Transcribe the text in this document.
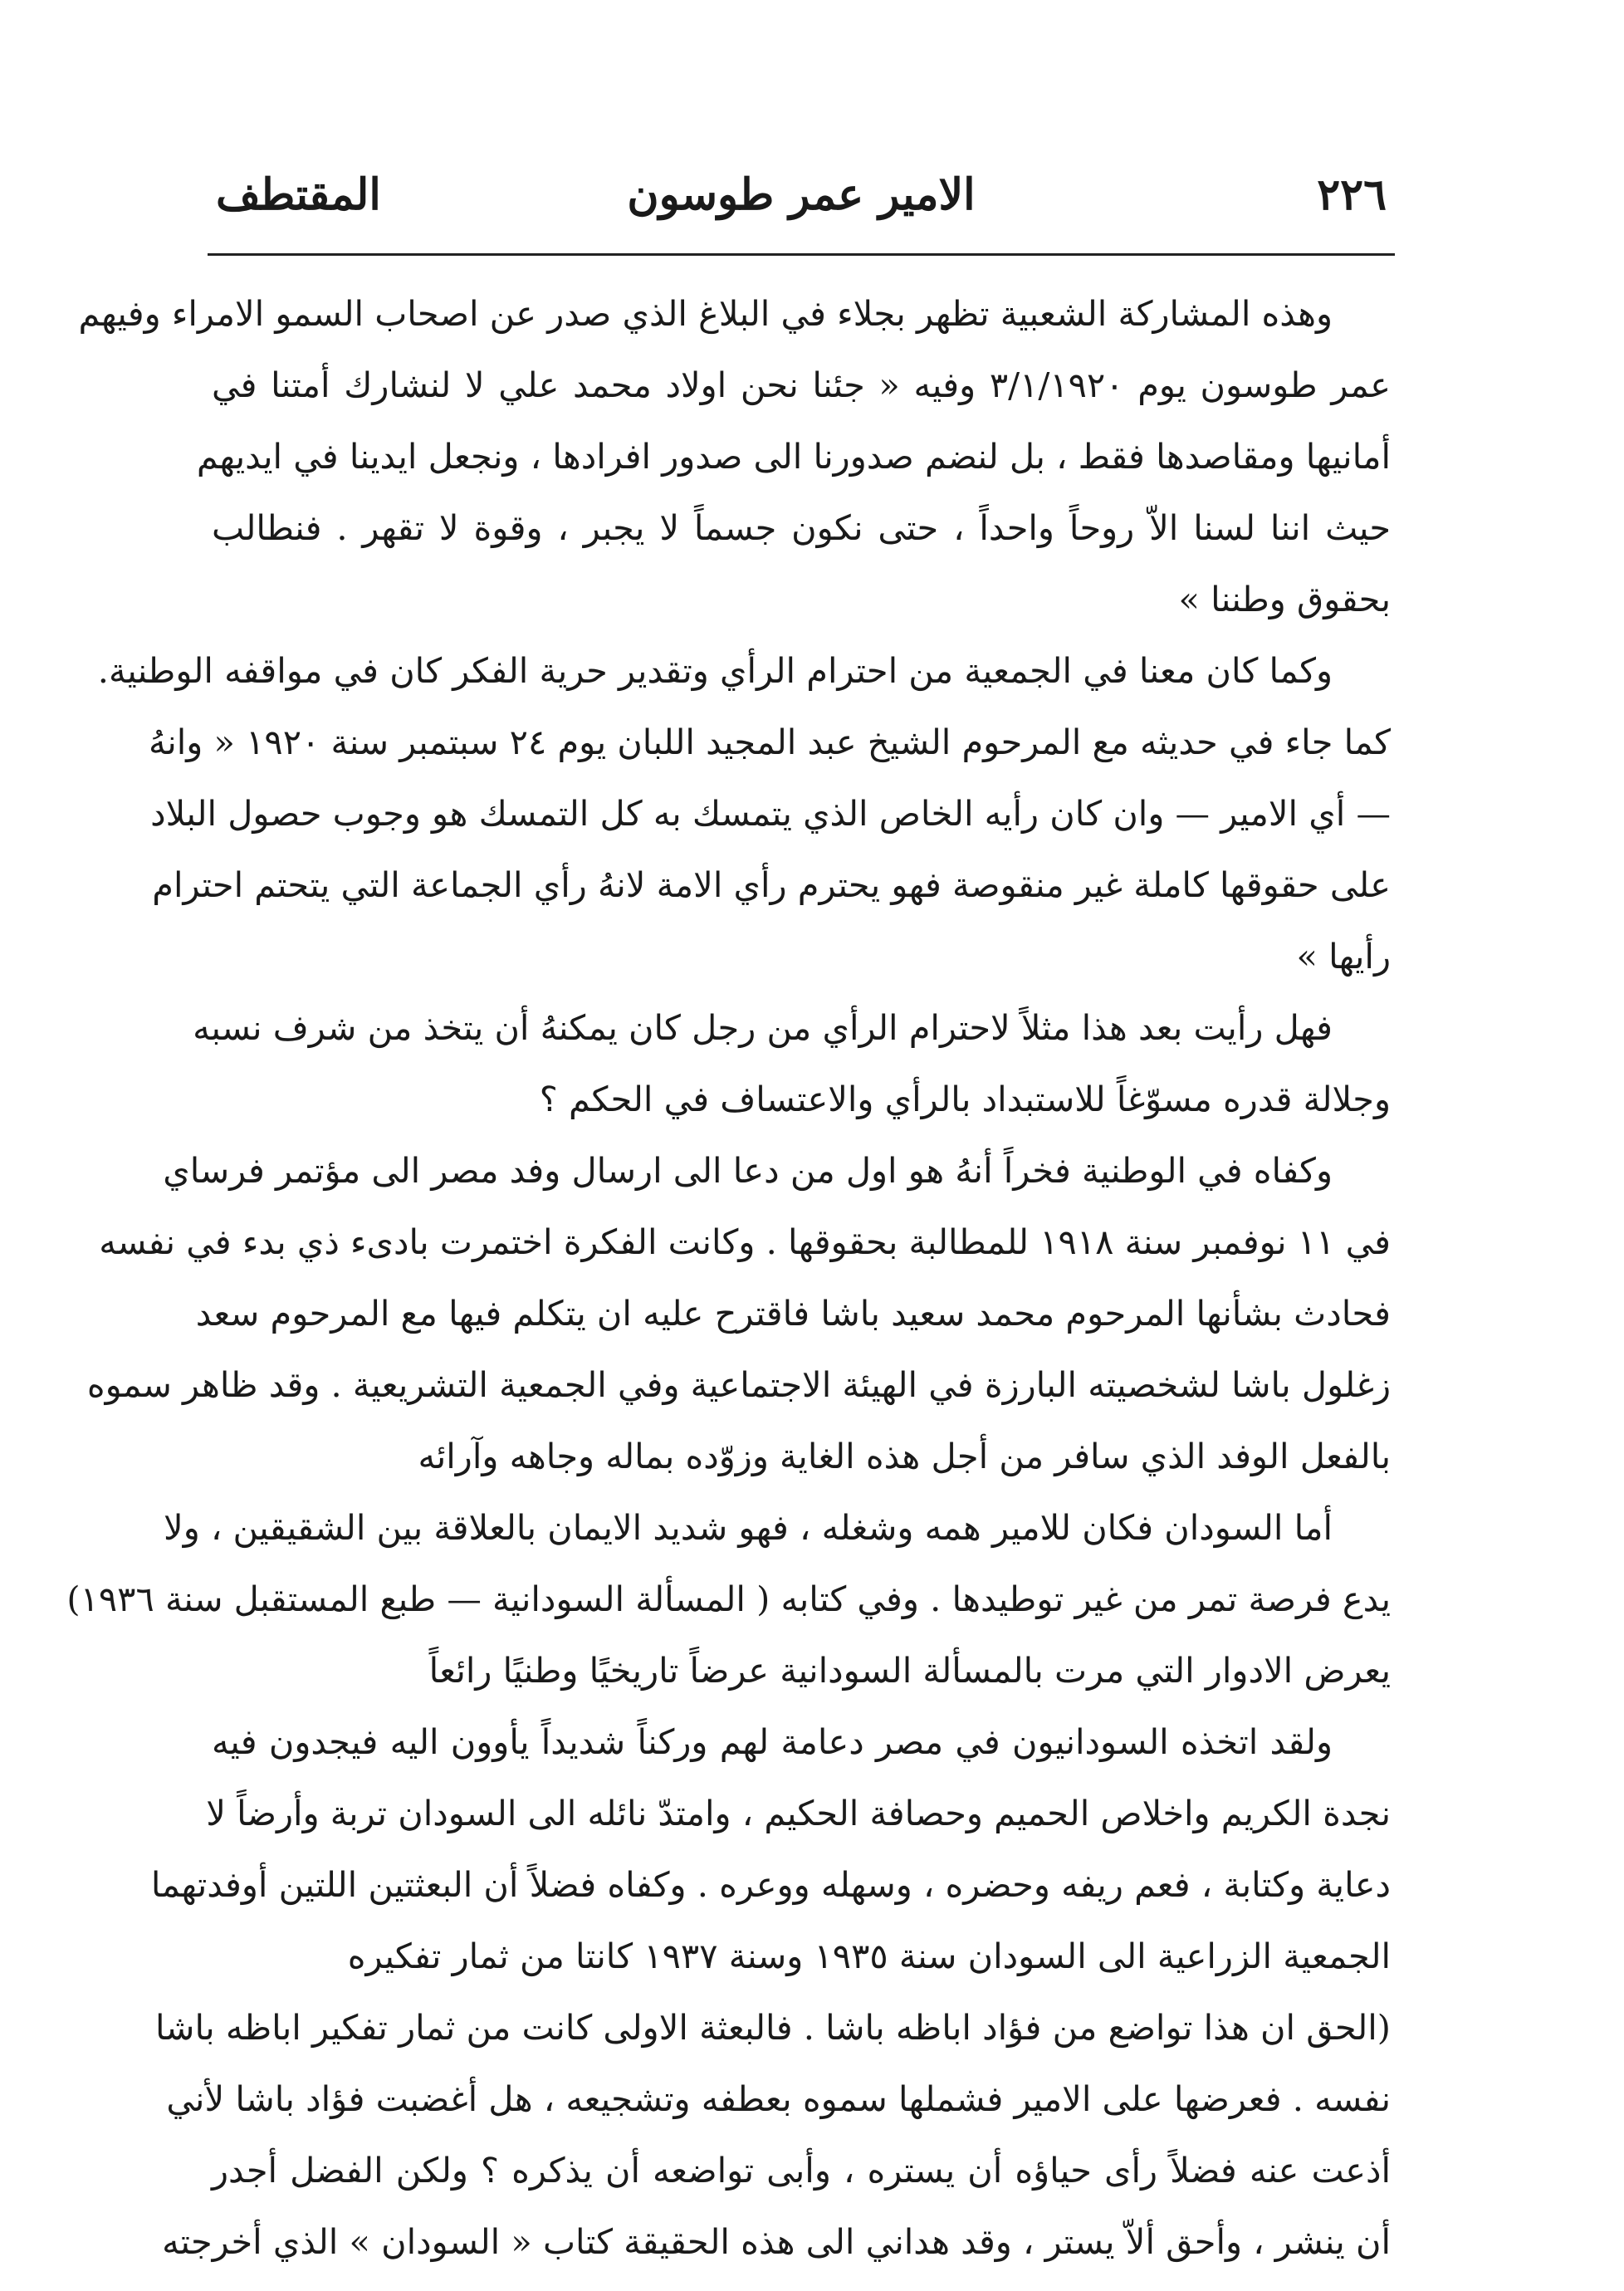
٢٢٦
الامير عمر طوسون
المقتطف
وهذه المشاركة الشعبية تظهر بجلاء في البلاغ الذي صدر عن اصحاب السمو الامراء وفيهم
عمر طوسون يوم ٣/١/١٩٢٠ وفيه « جئنا نحن اولاد محمد علي لا لنشارك أمتنا في
أمانيها ومقاصدها فقط ، بل لنضم صدورنا الى صدور افرادها ، ونجعل ايدينا في ايديهم
حيث اننا لسنا الاّ روحاً واحداً ، حتى نكون جسماً لا يجبر ، وقوة لا تقهر . فنطالب
بحقوق وطننا »
وكما كان معنا في الجمعية من احترام الرأي وتقدير حرية الفكر كان في مواقفه الوطنية.
كما جاء في حديثه مع المرحوم الشيخ عبد المجيد اللبان يوم ٢٤ سبتمبر سنة ١٩٢٠ « وانهُ
— أي الامير — وان كان رأيه الخاص الذي يتمسك به كل التمسك هو وجوب حصول البلاد
على حقوقها كاملة غير منقوصة فهو يحترم رأي الامة لانهُ رأي الجماعة التي يتحتم احترام
رأيها »
فهل رأيت بعد هذا مثلاً لاحترام الرأي من رجل كان يمكنهُ أن يتخذ من شرف نسبه
وجلالة قدره مسوّغاً للاستبداد بالرأي والاعتساف في الحكم ؟
وكفاه في الوطنية فخراً أنهُ هو اول من دعا الى ارسال وفد مصر الى مؤتمر فرساي
في ١١ نوفمبر سنة ١٩١٨ للمطالبة بحقوقها . وكانت الفكرة اختمرت بادىء ذي بدء في نفسه
فحادث بشأنها المرحوم محمد سعيد باشا فاقترح عليه ان يتكلم فيها مع المرحوم سعد
زغلول باشا لشخصيته البارزة في الهيئة الاجتماعية وفي الجمعية التشريعية . وقد ظاهر سموه
بالفعل الوفد الذي سافر من أجل هذه الغاية وزوّده بماله وجاهه وآرائه
أما السودان فكان للامير همه وشغله ، فهو شديد الايمان بالعلاقة بين الشقيقين ، ولا
يدع فرصة تمر من غير توطيدها . وفي كتابه ( المسألة السودانية — طبع المستقبل سنة ١٩٣٦)
يعرض الادوار التي مرت بالمسألة السودانية عرضاً تاريخيًا وطنيًا رائعاً
ولقد اتخذه السودانيون في مصر دعامة لهم وركناً شديداً يأوون اليه فيجدون فيه
نجدة الكريم واخلاص الحميم وحصافة الحكيم ، وامتدّ نائله الى السودان تربة وأرضاً لا
دعاية وكتابة ، فعم ريفه وحضره ، وسهله ووعره . وكفاه فضلاً أن البعثتين اللتين أوفدتهما
الجمعية الزراعية الى السودان سنة ١٩٣٥ وسنة ١٩٣٧ كانتا من ثمار تفكيره
(الحق ان هذا تواضع من فؤاد اباظه باشا . فالبعثة الاولى كانت من ثمار تفكير اباظه باشا
نفسه . فعرضها على الامير فشملها سموه بعطفه وتشجيعه ، هل أغضبت فؤاد باشا لأني
أذعت عنه فضلاً رأى حياؤه أن يستره ، وأبى تواضعه أن يذكره ؟ ولكن الفضل أجدر
أن ينشر ، وأحق ألاّ يستر ، وقد هداني الى هذه الحقيقة كتاب « السودان » الذي أخرجته
